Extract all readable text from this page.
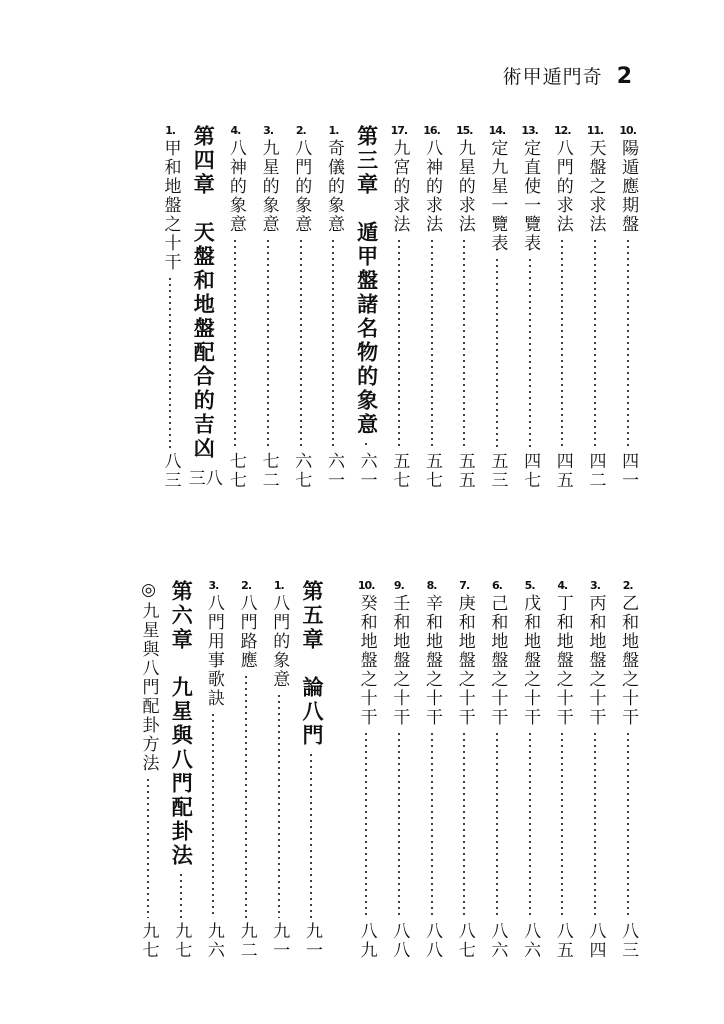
術甲遁門奇 2
10.
陽遁應期盤
四一
11.
天盤之求法
四二
12.
八門的求法
四五
13.
定直使一覽表
四七
14.
定九星一覽表
五三
15.
九星的求法
五五
16.
八神的求法
五七
17.
九宮的求法
五七
第三章　遁甲盤諸名物的象意
六一
1.
奇儀的象意
六一
2.
八門的象意
六七
3.
九星的象意
七二
4.
八神的象意
七七
第四章　天盤和地盤配合的吉凶
八三
1.
甲和地盤之十干
八三
2.
乙和地盤之十干
八三
3.
丙和地盤之十干
八四
4.
丁和地盤之十干
八五
5.
戊和地盤之十干
八六
6.
己和地盤之十干
八六
7.
庚和地盤之十干
八七
8.
辛和地盤之十干
八八
9.
壬和地盤之十干
八八
10.
癸和地盤之十干
八九
第五章　論八門
九一
1.
八門的象意
九一
2.
八門路應
九二
3.
八門用事歌訣
九六
第六章　九星與八門配卦法
九七
◎九星與八門配卦方法
九七
